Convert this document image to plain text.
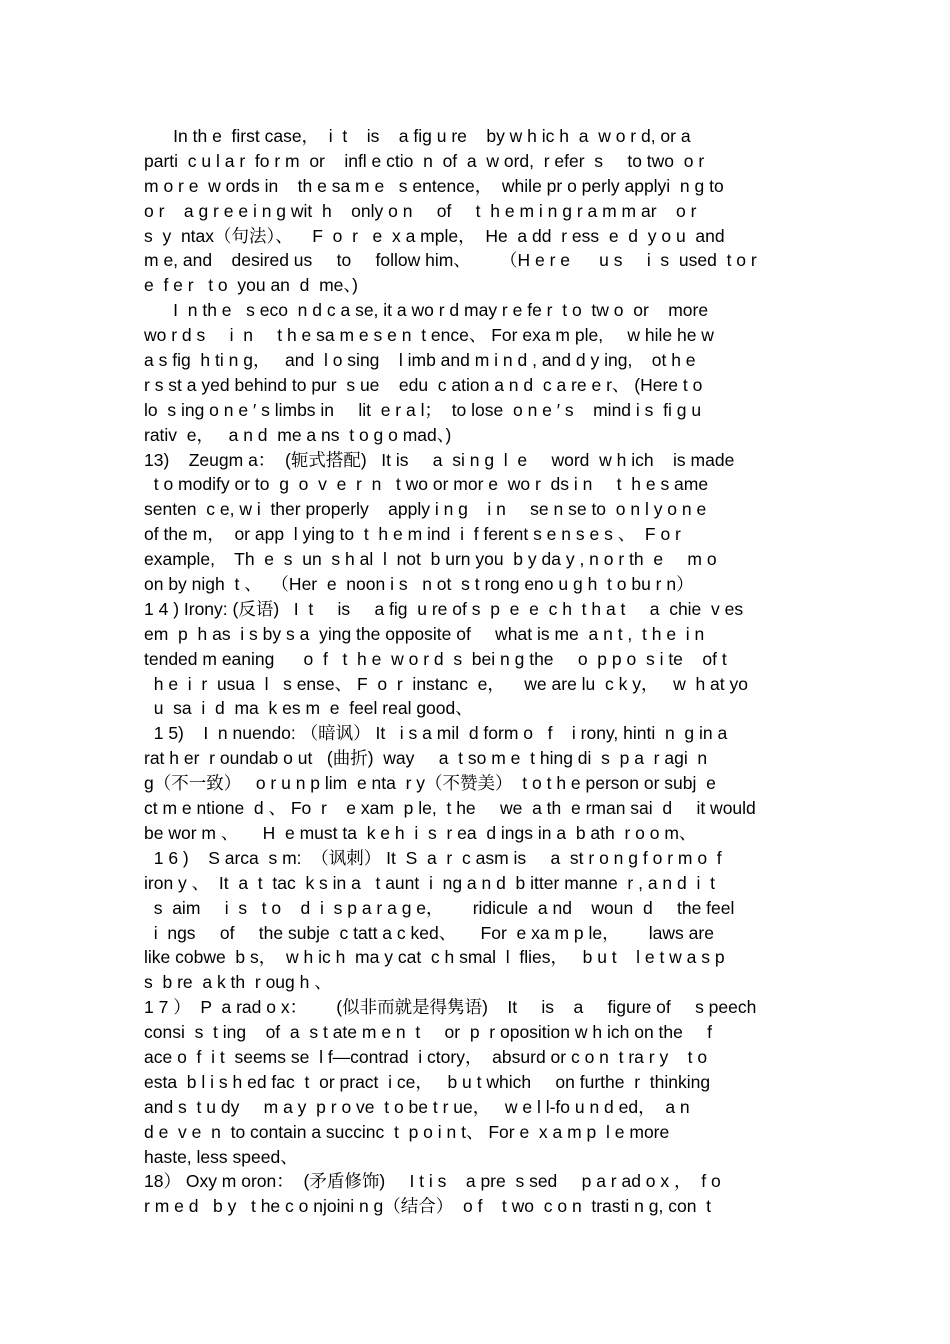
In th e  first case，  i  t    is    a fig u re    by w h ic h  a  w o r d, or a
parti  c u l a r  fo r m  or    infl e ctio  n  of  a  w ord,  r efer  s     to two  o r
m o r e  w ords in    th e sa m e   s entence，  while pr o perly applyi  n g to
o r    a g r e e i n g wit  h    only o n     of     t  h e m i n g r a m m ar    o r
s  y  ntax（句法）、    F  o  r   e  x a mple，  He  a dd  r ess  e  d  y o u  and
m e, and    desired us     to     follow him、      （H e r e      u s     i  s  used  t o r
e  f e r   t o  you an  d  me、)
I  n th e   s eco  n d c a se, it a wo r d may r e fe r  t o  tw o  or    more
wo r d s     i  n     t h e sa m e s e n  t ence、 For exa m ple,     w hile he w
a s fig  h ti n g，   and  l o sing    l imb and m i n d , and d y ing,    ot h e
r s st a yed behind to pur  s ue    edu  c ation a n d  c a re e r、 (Here t o
lo  s ing o n e ′ s limbs in     lit  e r a l；  to lose  o n e ′ s    mind i s  fi g u
rativ  e，   a n d  me a ns  t o g o mad、)
13)    Zeugm a：  (轭式搭配)   It is     a  si n g  l  e     word  w h ich    is made
t o modify or to  g  o  v  e  r  n   t wo or mor e  wo r  ds i n     t  h e s ame
senten  c e, w i  ther properly    apply i n g    i n     se n se to  o n l y o n e
of the m，  or app  l ying to  t  h e m ind  i  f ferent s e n s e s 、  F o r
example,    Th  e  s  un  s h al  l  not  b urn you  b y da y , n o r th  e     m o
on by nigh  t 、  （Her  e  noon i s   n ot  s t rong eno u g h  t o bu r n）
1 4 ) Irony: (反语)   I  t     is     a fig  u re of s  p  e  e  c h  t h a t     a  chie  v es
em  p  h as  i s by s a  ying the opposite of     what is me  a n t ,  t h e  i n
tended m eaning      o  f   t  h e  w o r d  s  bei n g the     o  p p o  s i te    of t
h e  i  r  usua  l   s ense、 F  o  r  instanc  e，    we are lu  c k y，   w  h at yo
u  sa  i  d  ma  k es m  e  feel real good、
1 5)    I  n nuendo: （暗讽） It   i s a mil  d form o   f    i rony, hinti  n  g in a
rat h er  r oundab o ut   (曲折)  way     a  t so m e  t hing di  s  p a  r agi  n
g（不一致）   o r u n p lim  e nta  r y（不赞美）  t o t h e person or subj  e
ct m e ntione  d 、 Fo  r    e xam  p le,  t he     we  a th  e rman sai  d     it would
be wor m 、     H  e must ta  k e h  i  s  r ea  d ings in a  b ath  r o o m、
1 6 )    S arca  s m:  （讽刺） It  S  a  r  c asm is     a  st r o n g f o r m o  f
iron y 、  It  a  t  tac  k s in a   t aunt  i  ng a n d  b itter manne  r , a n d  i  t
s  aim     i  s   t o    d  i  s p a r a g e，      ridicule  a nd    woun  d     the feel
i  ngs     of     the subje  c tatt a c ked、     For  e xa m p le，      laws are
like cobwe  b s，  w h ic h  ma y cat  c h smal  l  flies，   b u t    l e t w a s p
s  b re  a k th  r oug h 、
1 7 ）  P  a rad o x：      (似非而就是得隽语)    It     is    a     figure of     s peech
consi  s  t ing    of  a  s t ate m e n  t     or  p  r oposition w h ich on the     f
ace o  f  i t  seems se  l f—contrad  i ctory，  absurd or c o n  t ra r y    t o
esta  b l i s h ed fac  t  or pract  i ce，   b u t which     on furthe  r  thinking
and s  t u dy     m a y  p r o ve  t o be t r ue，   w e l l-fo u n d ed，  a n
d e  v e  n  to contain a succinc  t  p o i n t、 For e  x a m p  l e more
haste, less speed、
18） Oxy m oron：  (矛盾修饰)     I t i s    a pre  s sed     p a r ad o x ，  f o
r m e d   b y   t he c o njoini n g（结合）  o f    t wo  c o n  trasti n g, con  t
